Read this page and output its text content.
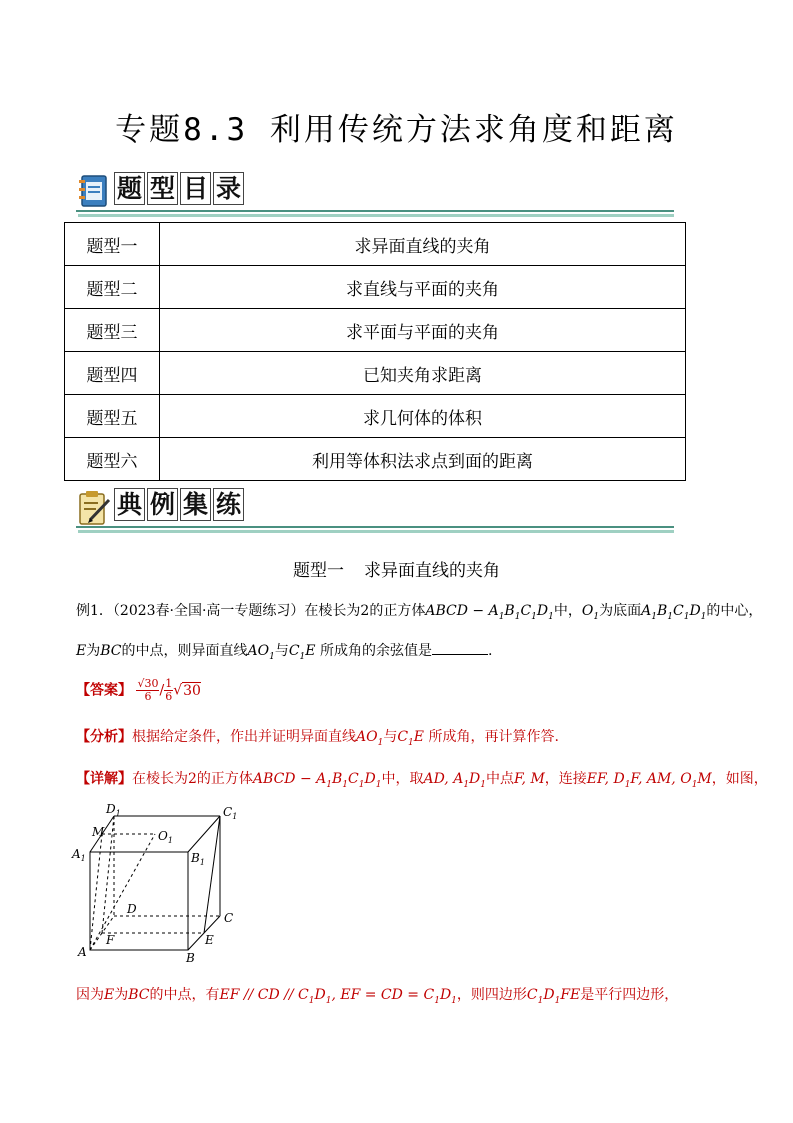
专题8.3 利用传统方法求角度和距离
题 型 目 录
题型一	求异面直线的夹角
题型二	求直线与平面的夹角
题型三	求平面与平面的夹角
题型四	已知夹角求距离
题型五	求几何体的体积
题型六	利用等体积法求点到面的距离
典 例 集 练
题型一 求异面直线的夹角
例1．（2023春·全国·高一专题练习）在棱长为2的正方体ABCD − $A_1B_1C_1D_1$中，$O_1$为底面$A_1B_1C_1D_1$的中心，
E为BC的中点，则异面直线$AO_1$与$C_1E$ 所成角的余弦值是	.
【答案】 $\frac{√30}{6} / \frac{1}{6} √30$
【分析】根据给定条件，作出并证明异面直线$AO_1$与$C_1E$ 所成角，再计算作答.
【详解】在棱长为2的正方体ABCD − $A_1B_1C_1D_1$中，取AD, $A_1D_1$中点F, M，连接EF, $D_1F$, AM, $O_1M$，如图，
$D_1$	$C_1$
M	$O_1$
$A_1$	$B_1$
D
C
F	E
A	B
因为E为BC的中点，有EF // CD // $C_1D_1$, EF = CD = $C_1D_1$，则四边形$C_1D_1FE$是平行四边形，
